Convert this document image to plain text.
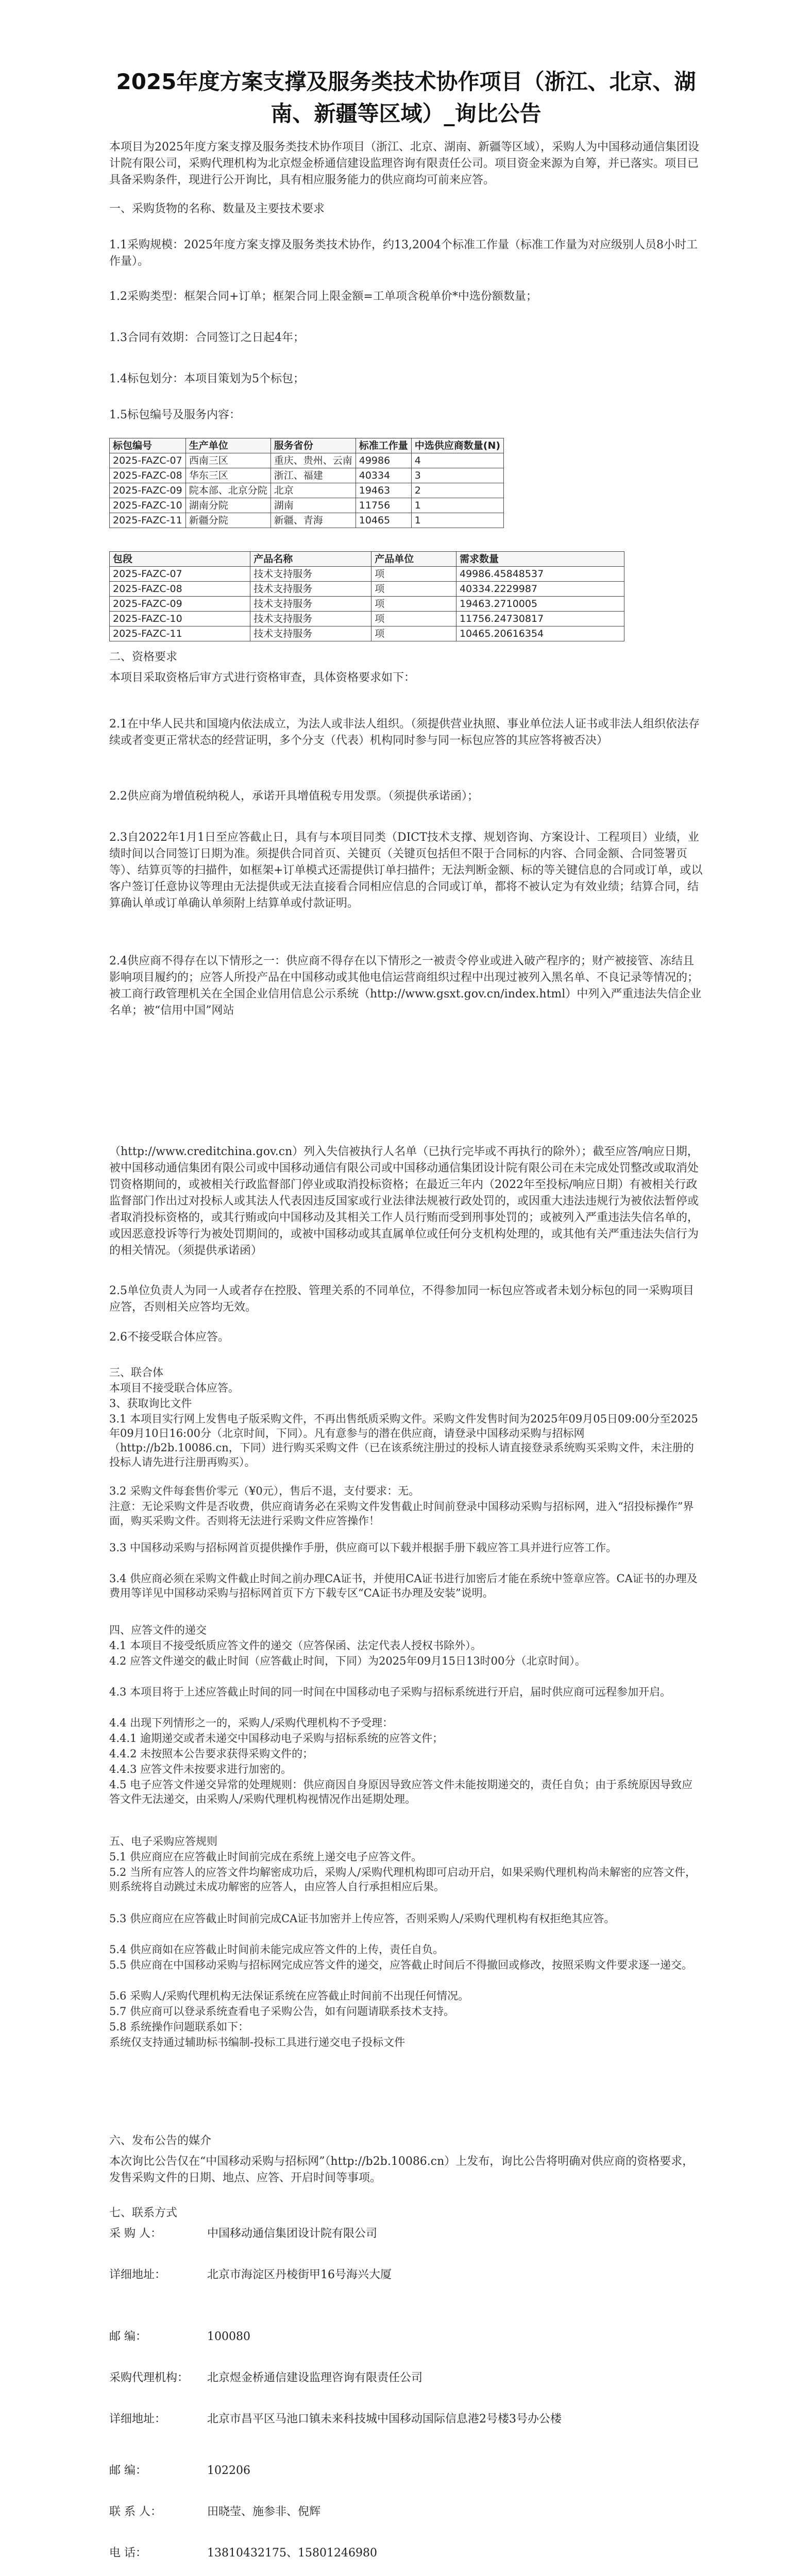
2025年度方案支撑及服务类技术协作项目（浙江、北京、湖南、新疆等区域）_询比公告

本项目为2025年度方案支撑及服务类技术协作项目（浙江、北京、湖南、新疆等区域），采购人为中国移动通信集团设计院有限公司，采购代理机构为北京煜金桥通信建设监理咨询有限责任公司。项目资金来源为自筹，并已落实。项目已具备采购条件，现进行公开询比，具有相应服务能力的供应商均可前来应答。

一、采购货物的名称、数量及主要技术要求

1.1采购规模：2025年度方案支撑及服务类技术协作，约13,2004个标准工作量（标准工作量为对应级别人员8小时工作量）。

1.2采购类型：框架合同+订单；框架合同上限金额=工单项含税单价*中选份额数量；

1.3合同有效期：合同签订之日起4年；

1.4标包划分：本项目策划为5个标包；

1.5标包编号及服务内容：

标包编号	生产单位	服务省份	标准工作量	中选供应商数量(N)
2025-FAZC-07	西南三区	重庆、贵州、云南	49986	4
2025-FAZC-08	华东三区	浙江、福建	40334	3
2025-FAZC-09	院本部、北京分院	北京	19463	2
2025-FAZC-10	湖南分院	湖南	11756	1
2025-FAZC-11	新疆分院	新疆、青海	10465	1
包段	产品名称	产品单位	需求数量
2025-FAZC-07	技术支持服务	项	49986.45848537
2025-FAZC-08	技术支持服务	项	40334.2229987
2025-FAZC-09	技术支持服务	项	19463.2710005
2025-FAZC-10	技术支持服务	项	11756.24730817
2025-FAZC-11	技术支持服务	项	10465.20616354

二、资格要求

本项目采取资格后审方式进行资格审查，具体资格要求如下：

2.1在中华人民共和国境内依法成立，为法人或非法人组织。（须提供营业执照、事业单位法人证书或非法人组织依法存续或者变更正常状态的经营证明，多个分支（代表）机构同时参与同一标包应答的其应答将被否决）

2.2供应商为增值税纳税人，承诺开具增值税专用发票。（须提供承诺函）；

2.3自2022年1月1日至应答截止日，具有与本项目同类（DICT技术支撑、规划咨询、方案设计、工程项目）业绩，业绩时间以合同签订日期为准。须提供合同首页、关键页（关键页包括但不限于合同标的内容、合同金额、合同签署页等）、结算页等的扫描件，如框架+订单模式还需提供订单扫描件；无法判断金额、标的等关键信息的合同或订单，或以客户签订任意协议等理由无法提供或无法直接看合同相应信息的合同或订单，都将不被认定为有效业绩；结算合同，结算确认单或订单确认单须附上结算单或付款证明。

2.4供应商不得存在以下情形之一：供应商不得存在以下情形之一被责令停业或进入破产程序的；财产被接管、冻结且影响项目履约的；应答人所投产品在中国移动或其他电信运营商组织过程中出现过被列入黑名单、不良记录等情况的；被工商行政管理机关在全国企业信用信息公示系统（http://www.gsxt.gov.cn/index.html）中列入严重违法失信企业名单；被“信用中国”网站

（http://www.creditchina.gov.cn）列入失信被执行人名单（已执行完毕或不再执行的除外）；截至应答/响应日期，被中国移动通信集团有限公司或中国移动通信有限公司或中国移动通信集团设计院有限公司在未完成处罚整改或取消处罚资格期间的，或被相关行政监督部门停业或取消投标资格；在最近三年内（2022年至投标/响应日期）有被相关行政监督部门作出过对投标人或其法人代表因违反国家或行业法律法规被行政处罚的，或因重大违法违规行为被依法暂停或者取消投标资格的，或其行贿或向中国移动及其相关工作人员行贿而受到刑事处罚的；或被列入严重违法失信名单的，或因恶意投诉等行为被处罚期间的，或被中国移动或其直属单位或任何分支机构处理的，或其他有关严重违法失信行为的相关情况。（须提供承诺函）

2.5单位负责人为同一人或者存在控股、管理关系的不同单位，不得参加同一标包应答或者未划分标包的同一采购项目应答，否则相关应答均无效。

2.6不接受联合体应答。

三、联合体

本项目不接受联合体应答。

3、获取询比文件

3.1 本项目实行网上发售电子版采购文件，不再出售纸质采购文件。采购文件发售时间为2025年09月05日09:00分至2025年09月10日16:00分（北京时间，下同）。凡有意参与的潜在供应商，请登录中国移动采购与招标网（http://b2b.10086.cn，下同）进行购买采购文件（已在该系统注册过的投标人请直接登录系统购买采购文件，未注册的投标人请先进行注册再购买）。

3.2 采购文件每套售价零元（¥0元），售后不退，支付要求：无。

注意：无论采购文件是否收费，供应商请务必在采购文件发售截止时间前登录中国移动采购与招标网，进入“招投标操作”界面，购买采购文件。否则将无法进行采购文件应答操作！

3.3 中国移动采购与招标网首页提供操作手册，供应商可以下载并根据手册下载应答工具并进行应答工作。

3.4 供应商必须在采购文件截止时间之前办理CA证书，并使用CA证书进行加密后才能在系统中签章应答。CA证书的办理及费用等详见中国移动采购与招标网首页下方下载专区“CA证书办理及安装”说明。

四、应答文件的递交

4.1 本项目不接受纸质应答文件的递交（应答保函、法定代表人授权书除外）。

4.2 应答文件递交的截止时间（应答截止时间，下同）为2025年09月15日13时00分（北京时间）。

4.3 本项目将于上述应答截止时间的同一时间在中国移动电子采购与招标系统进行开启，届时供应商可远程参加开启。

4.4 出现下列情形之一的，采购人/采购代理机构不予受理：

4.4.1 逾期递交或者未递交中国移动电子采购与招标系统的应答文件；

4.4.2 未按照本公告要求获得采购文件的；

4.4.3 应答文件未按要求进行加密的。

4.5 电子应答文件递交异常的处理规则：供应商因自身原因导致应答文件未能按期递交的，责任自负；由于系统原因导致应答文件无法递交，由采购人/采购代理机构视情况作出延期处理。

五、电子采购应答规则

5.1 供应商应在应答截止时间前完成在系统上递交电子应答文件。

5.2 当所有应答人的应答文件均解密成功后，采购人/采购代理机构即可启动开启，如果采购代理机构尚未解密的应答文件，则系统将自动跳过未成功解密的应答人，由应答人自行承担相应后果。

5.3 供应商应在应答截止时间前完成CA证书加密并上传应答，否则采购人/采购代理机构有权拒绝其应答。

5.4 供应商如在应答截止时间前未能完成应答文件的上传，责任自负。

5.5 供应商在中国移动采购与招标网完成应答文件的递交，应答截止时间后不得撤回或修改，按照采购文件要求逐一递交。

5.6 采购人/采购代理机构无法保证系统在应答截止时间前不出现任何情况。

5.7 供应商可以登录系统查看电子采购公告，如有问题请联系技术支持。

5.8 系统操作问题联系如下：

系统仅支持通过辅助标书编制-投标工具进行递交电子投标文件

六、发布公告的媒介

本次询比公告仅在“中国移动采购与招标网”（http://b2b.10086.cn）上发布，询比公告将明确对供应商的资格要求，发售采购文件的日期、地点、应答、开启时间等事项。

七、联系方式

采 购 人：	中国移动通信集团设计院有限公司
详细地址：	北京市海淀区丹棱街甲16号海兴大厦
邮 编：	100080
采购代理机构： 北京煜金桥通信建设监理咨询有限责任公司
详细地址：	北京市昌平区马池口镇未来科技城中国移动国际信息港2号楼3号办公楼
邮 编：	102206
联 系 人：	田晓莹、施参非、倪辉
电 话：	13810432175、15801246980
